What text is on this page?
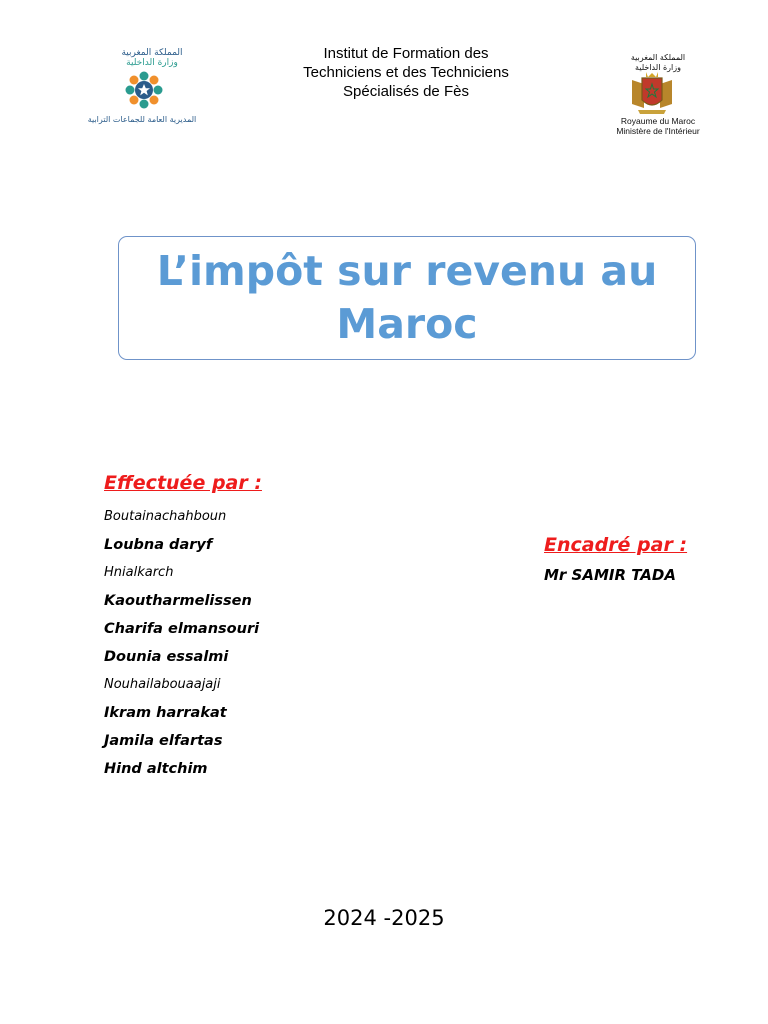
المملكة المغربية
وزارة الداخلية
المديرية العامة للجماعات الترابية
Institut de Formation des Techniciens et des Techniciens Spécialisés de Fès
المملكة المغربية
وزارة الداخلية
Royaume du Maroc
Ministère de l'Intérieur
L’impôt sur revenu au Maroc
Effectuée par :
Boutainachahboun
Loubna daryf
Hnialkarch
Kaoutharmelissen
Charifa elmansouri
Dounia essalmi
Nouhailabouaajaji
Ikram harrakat
Jamila elfartas
Hind altchim
Encadré par :
Mr SAMIR TADA
2024 -2025
